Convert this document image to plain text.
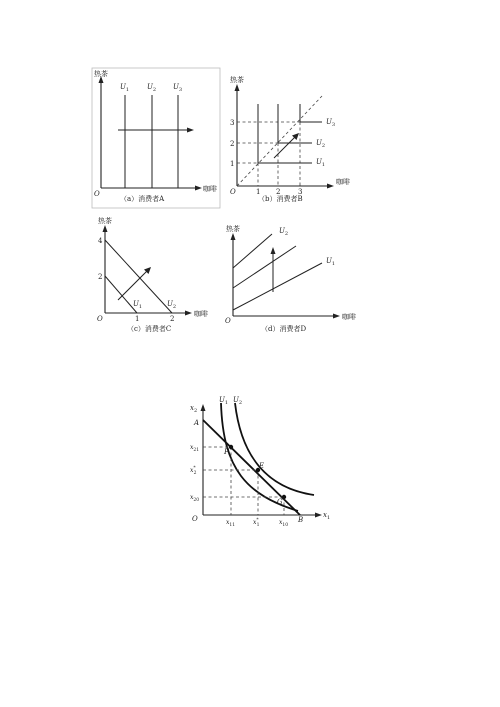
热茶
咖啡
O
$U_1$	$U_2$ $U_3$
（a）消费者A
热茶
咖啡
O
$U_1$
$U_2$
$U_3$
1
2
3
1 2	3
（b）消费者B
热茶
咖啡
O
$U_1$	$U_2$
4
2
1	2
（c）消费者C
热茶
咖啡
O
$U_2$
$U_1$
（d）消费者D
$x_2$
$x_1$
O
A
B
F
E
G
$U_1$ $U_2$
$x_{21}$
x* 2
$x_{20}$
$x_{11}$	x* 1	$x_{10}$
